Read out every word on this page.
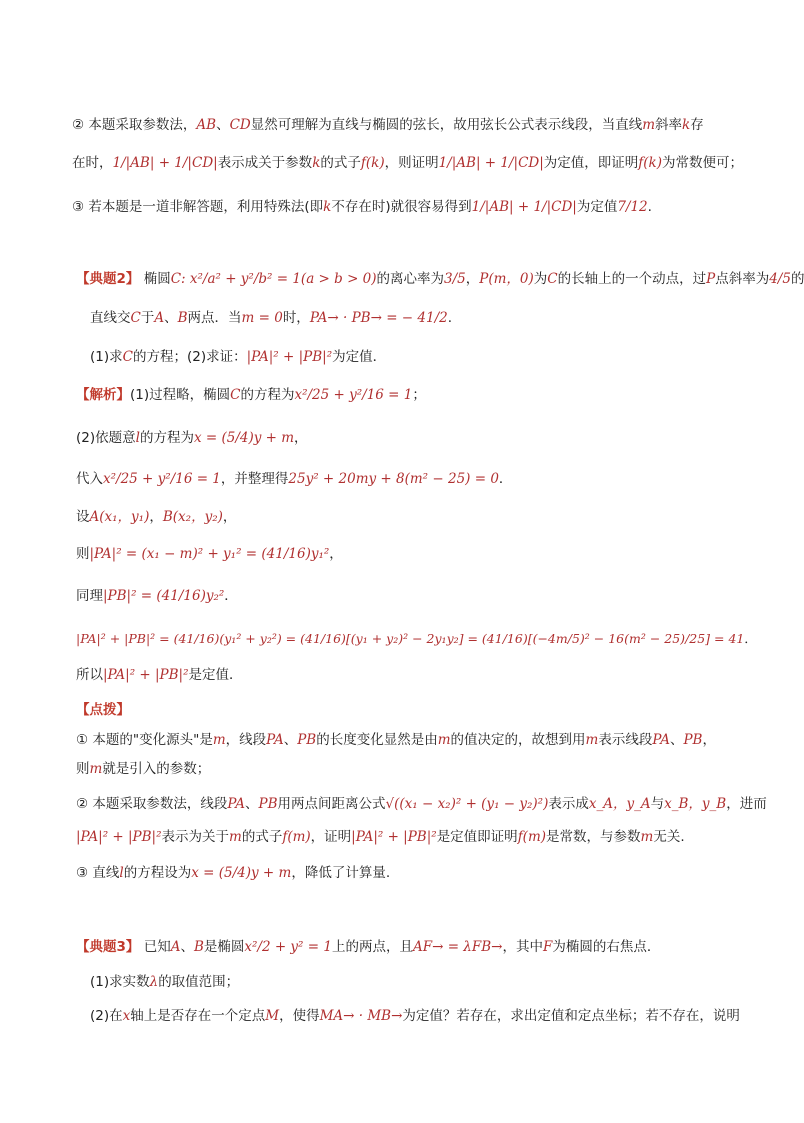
② 本题采取参数法，AB、CD显然可理解为直线与椭圆的弦长，故用弦长公式表示线段，当直线m斜率k存

在时，1/|AB| + 1/|CD|表示成关于参数k的式子f(k)，则证明1/|AB| + 1/|CD|为定值，即证明f(k)为常数便可；

③ 若本题是一道非解答题，利用特殊法(即k不存在时)就很容易得到1/|AB| + 1/|CD|为定值7/12.

【典题2】 椭圆C: x²/a² + y²/b² = 1(a > b > 0)的离心率为3/5，P(m，0)为C的长轴上的一个动点，过P点斜率为4/5的

直线交C于A、B两点．当m = 0时，PA→ · PB→ = − 41/2.

(1)求C的方程；(2)求证：|PA|² + |PB|²为定值．

【解析】(1)过程略，椭圆C的方程为x²/25 + y²/16 = 1；

(2)依题意l的方程为x = (5/4)y + m，

代入x²/25 + y²/16 = 1，并整理得25y² + 20my + 8(m² − 25) = 0．

设A(x₁，y₁)，B(x₂，y₂)，

则|PA|² = (x₁ − m)² + y₁² = (41/16)y₁²，

同理|PB|² = (41/16)y₂²．

|PA|² + |PB|² = (41/16)(y₁² + y₂²) = (41/16)[(y₁ + y₂)² − 2y₁y₂] = (41/16)[(−4m/5)² − 16(m² − 25)/25] = 41．

所以|PA|² + |PB|²是定值．

【点拨】

① 本题的"变化源头"是m，线段PA、PB的长度变化显然是由m的值决定的，故想到用m表示线段PA、PB，

则m就是引入的参数；

② 本题采取参数法，线段PA、PB用两点间距离公式√((x₁ − x₂)² + (y₁ − y₂)²)表示成x_A，y_A与x_B，y_B，进而

|PA|² + |PB|²表示为关于m的式子f(m)，证明|PA|² + |PB|²是定值即证明f(m)是常数，与参数m无关.

③ 直线l的方程设为x = (5/4)y + m，降低了计算量.

【典题3】 已知A、B是椭圆x²/2 + y² = 1上的两点，且AF→ = λFB→，其中F为椭圆的右焦点．

(1)求实数λ的取值范围；

(2)在x轴上是否存在一个定点M，使得MA→ · MB→为定值？若存在，求出定值和定点坐标；若不存在，说明
